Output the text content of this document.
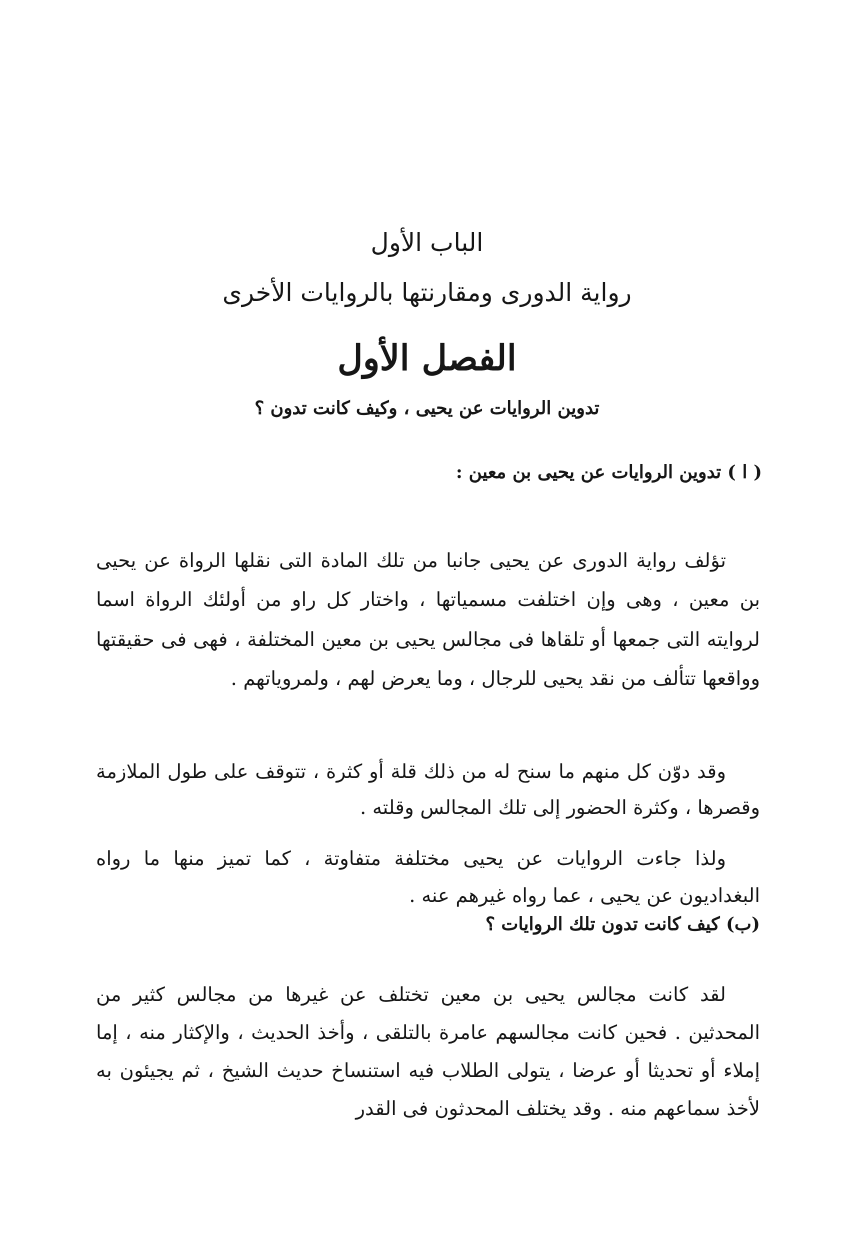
الباب الأول
رواية الدورى ومقارنتها بالروايات الأخرى
الفصل الأول
تدوين الروايات عن يحيى ، وكيف كانت تدون ؟
( ا ) تدوين الروايات عن يحيى بن معين :

تؤلف رواية الدورى عن يحيى جانبا من تلك المادة التى نقلها الرواة عن يحيى بن معين ، وهى وإن اختلفت مسمياتها ، واختار كل راو من أولئك الرواة اسما لروايته التى جمعها أو تلقاها فى مجالس يحيى بن معين المختلفة ، فهى فى حقيقتها وواقعها تتألف من نقد يحيى للرجال ، وما يعرض لهم ، ولمروياتهم .

وقد دوّن كل منهم ما سنح له من ذلك قلة أو كثرة ، تتوقف على طول الملازمة وقصرها ، وكثرة الحضور إلى تلك المجالس وقلته .

ولذا جاءت الروايات عن يحيى مختلفة متفاوتة ، كما تميز منها ما رواه البغداديون عن يحيى ، عما رواه غيرهم عنه .

(ب) كيف كانت تدون تلك الروايات ؟

لقد كانت مجالس يحيى بن معين تختلف عن غيرها من مجالس كثير من المحدثين . فحين كانت مجالسهم عامرة بالتلقى ، وأخذ الحديث ، والإكثار منه ، إما إملاء أو تحديثا أو عرضا ، يتولى الطلاب فيه استنساخ حديث الشيخ ، ثم يجيئون به لأخذ سماعهم منه . وقد يختلف المحدثون فى القدر
